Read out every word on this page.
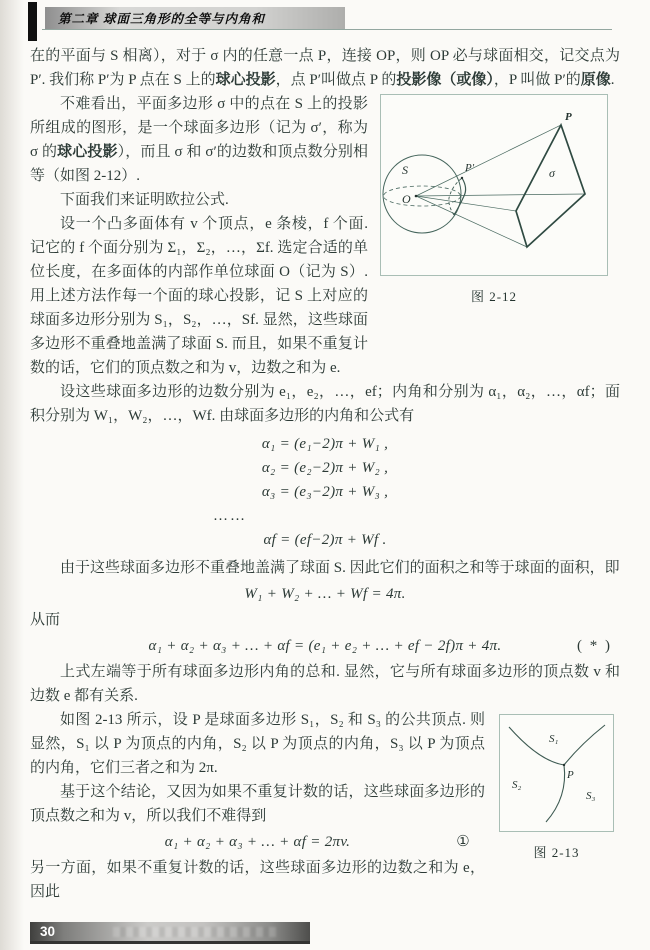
第二章 球面三角形的全等与内角和

在的平面与 S 相离），对于 σ 内的任意一点 P，连接 OP，则 OP 必与球面相交，记交点为 P′. 我们称 P′为 P 点在 S 上的球心投影，点 P′叫做点 P 的投影像（或像），P 叫做 P′的原像.

S
O
P′	σ
P
图 2-12

不难看出，平面多边形 σ 中的点在 S 上的投影所组成的图形，是一个球面多边形（记为 σ′，称为 σ 的球心投影），而且 σ 和 σ′的边数和顶点数分别相等（如图 2-12）.

下面我们来证明欧拉公式.

设一个凸多面体有 v 个顶点，e 条棱，f 个面. 记它的 f 个面分别为 Σ₁，Σ₂，…，Σf. 选定合适的单位长度，在多面体的内部作单位球面 O（记为 S）. 用上述方法作每一个面的球心投影，记 S 上对应的球面多边形分别为 S₁，S₂，…，Sf. 显然，这些球面多边形不重叠地盖满了球面 S. 而且，如果不重复计数的话，它们的顶点数之和为 v，边数之和为 e.

设这些球面多边形的边数分别为 e₁，e₂，…，ef；内角和分别为 α₁，α₂，…，αf；面积分别为 W₁，W₂，…，Wf. 由球面多边形的内角和公式有

α₁ = (e₁−2)π + W₁ ,
α₂ = (e₂−2)π + W₂ ,
α₃ = (e₃−2)π + W₃ ,
……
αf = (ef−2)π + Wf .

由于这些球面多边形不重叠地盖满了球面 S. 因此它们的面积之和等于球面的面积，即

W₁ + W₂ + … + Wf = 4π.

从而

α₁ + α₂ + α₃ + … + αf = (e₁ + e₂ + … + ef − 2f)π + 4π.	( * )

上式左端等于所有球面多边形内角的总和. 显然，它与所有球面多边形的顶点数 v 和边数 e 都有关系.

S₁
S₂
S₃
P
图 2-13

如图 2-13 所示，设 P 是球面多边形 S₁，S₂ 和 S₃ 的公共顶点. 则显然，S₁ 以 P 为顶点的内角，S₂ 以 P 为顶点的内角，S₃ 以 P 为顶点的内角，它们三者之和为 2π.

基于这个结论，又因为如果不重复计数的话，这些球面多边形的顶点数之和为 v，所以我们不难得到

α₁ + α₂ + α₃ + … + αf = 2πv.	①

另一方面，如果不重复计数的话，这些球面多边形的边数之和为 e，因此

30
